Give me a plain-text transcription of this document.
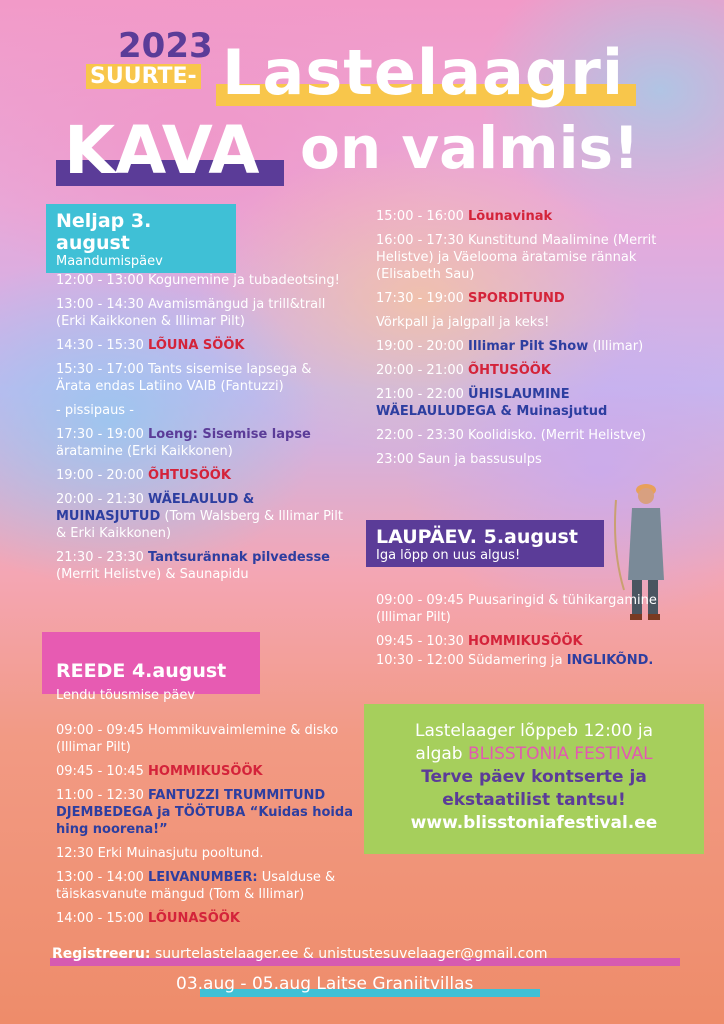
SUURTE-
2023 Lastelaagri
KAVA on valmis!
Neljap 3. august
Maandumispäev

12:00 - 13:00 Kogunemine ja tubadeotsing!

13:00 - 14:30 Avamismängud ja trill&trall (Erki Kaikkonen & Illimar Pilt)

14:30 - 15:30 LÕUNA SÖÖK

15:30 - 17:00 Tants sisemise lapsega & Ärata endas Latiino VAIB (Fantuzzi)

- pissipaus -

17:30 - 19:00 Loeng: Sisemise lapse äratamine (Erki Kaikkonen)

19:00 - 20:00 ÕHTUSÖÖK

20:00 - 21:30 WÄELAULUD & MUINASJUTUD (Tom Walsberg & Illimar Pilt & Erki Kaikkonen)

21:30 - 23:30 Tantsurännak pilvedesse (Merrit Helistve) & Saunapidu

15:00 - 16:00 Lõunavinak

16:00 - 17:30 Kunstitund Maalimine (Merrit Helistve) ja Väelooma äratamise rännak (Elisabeth Sau)

17:30 - 19:00 SPORDITUND

Võrkpall ja jalgpall ja keks!

19:00 - 20:00 Illimar Pilt Show (Illimar)

20:00 - 21:00 ÕHTUSÖÖK

21:00 - 22:00 ÜHISLAUMINE WÄELAULUDEGA & Muinasjutud

22:00 - 23:30 Koolidisko. (Merrit Helistve)

23:00 Saun ja bassusulps

LAUPÄEV. 5.august
Iga lõpp on uus algus!

09:00 - 09:45 Puusaringid & tühikargamine (Illimar Pilt)

09:45 - 10:30 HOMMIKUSÖÖK

10:30 - 12:00 Südamering ja INGLIKÕND.

REEDE 4.august
Lendu tõusmise päev

09:00 - 09:45 Hommikuvaimlemine & disko (Illimar Pilt)

09:45 - 10:45 HOMMIKUSÖÖK

11:00 - 12:30 FANTUZZI TRUMMITUND DJEMBEDEGA ja TÖÖTUBA “Kuidas hoida hing noorena!”

12:30 Erki Muinasjutu pooltund.

13:00 - 14:00 LEIVANUMBER: Usalduse & täiskasvanute mängud (Tom & Illimar)

14:00 - 15:00 LÕUNASÖÖK

Lastelaager lõppeb 12:00 ja
algab BLISSTONIA FESTIVAL
Terve päev kontserte ja
ekstaatilist tantsu!
www.blisstoniafestival.ee
Registreeru: suurtelastelaager.ee & unistustesuvelaager@gmail.com
03.aug - 05.aug Laitse Graniitvillas
